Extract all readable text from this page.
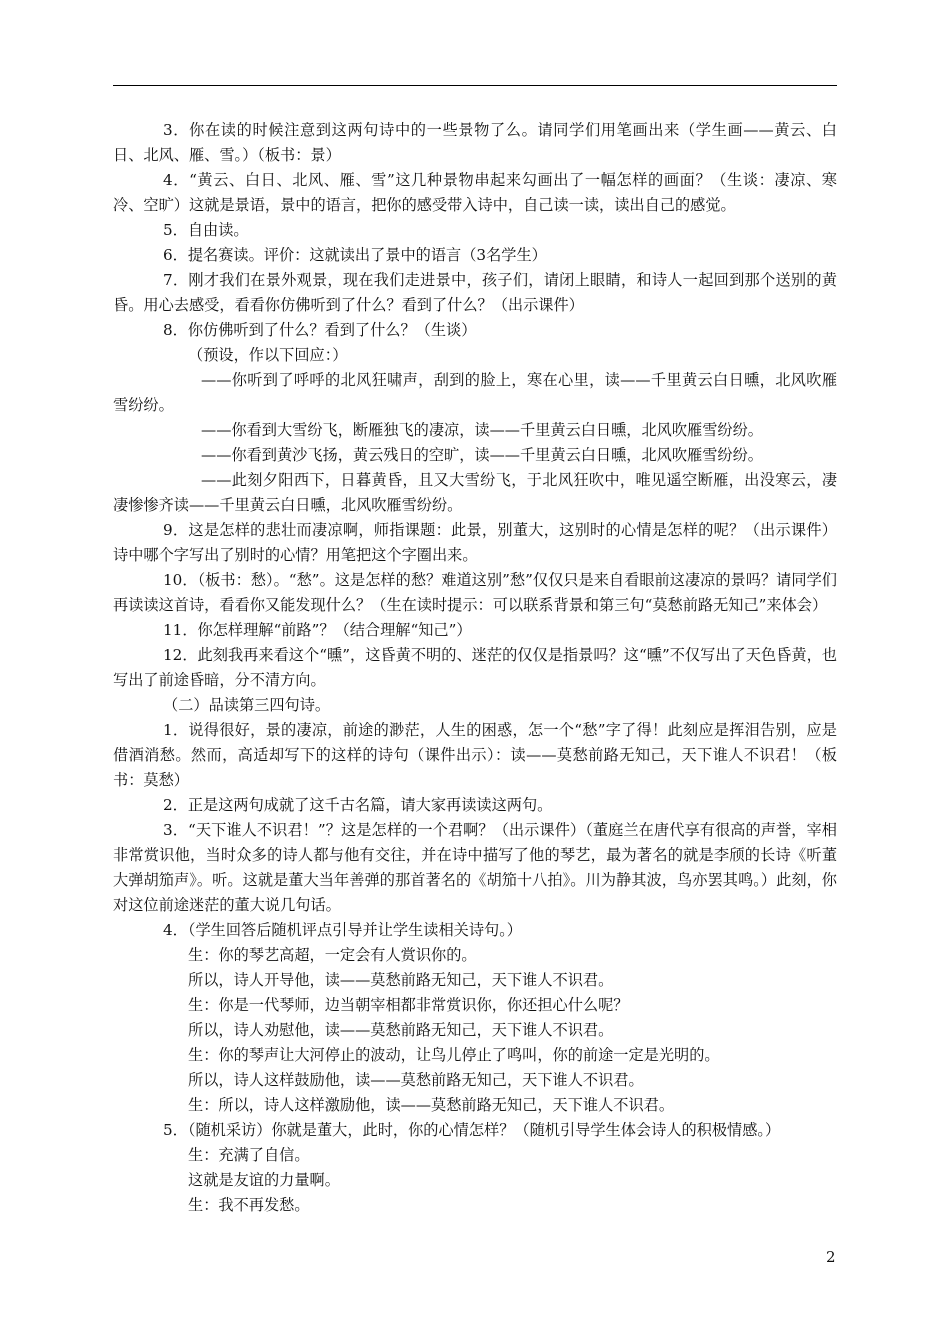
3．你在读的时候注意到这两句诗中的一些景物了么。请同学们用笔画出来（学生画——黄云、白日、北风、雁、雪。）（板书：景）

4．“黄云、白日、北风、雁、雪”这几种景物串起来勾画出了一幅怎样的画面？（生谈：凄凉、寒冷、空旷）这就是景语，景中的语言，把你的感受带入诗中，自己读一读，读出自己的感觉。

5．自由读。

6．提名赛读。评价：这就读出了景中的语言（3名学生）

7．刚才我们在景外观景，现在我们走进景中，孩子们，请闭上眼睛，和诗人一起回到那个送别的黄昏。用心去感受，看看你仿佛听到了什么？看到了什么？（出示课件）

8．你仿佛听到了什么？看到了什么？（生谈）

（预设，作以下回应：）

——你听到了呼呼的北风狂啸声，刮到的脸上，寒在心里，读——千里黄云白日曛，北风吹雁雪纷纷。

——你看到大雪纷飞，断雁独飞的凄凉，读——千里黄云白日曛，北风吹雁雪纷纷。

——你看到黄沙飞扬，黄云残日的空旷，读——千里黄云白日曛，北风吹雁雪纷纷。

——此刻夕阳西下，日暮黄昏，且又大雪纷飞，于北风狂吹中，唯见遥空断雁，出没寒云，凄凄惨惨齐读——千里黄云白日曛，北风吹雁雪纷纷。

9．这是怎样的悲壮而凄凉啊，师指课题：此景，别董大，这别时的心情是怎样的呢？（出示课件）诗中哪个字写出了别时的心情？用笔把这个字圈出来。

10．（板书：愁）。“愁”。这是怎样的愁？难道这别”愁”仅仅只是来自看眼前这凄凉的景吗？请同学们再读读这首诗，看看你又能发现什么？（生在读时提示：可以联系背景和第三句“莫愁前路无知己”来体会）

11．你怎样理解“前路”？（结合理解“知己”）

12．此刻我再来看这个“曛”，这昏黄不明的、迷茫的仅仅是指景吗？这“曛”不仅写出了天色昏黄，也写出了前途昏暗，分不清方向。

（二）品读第三四句诗。

1．说得很好，景的凄凉，前途的渺茫，人生的困惑，怎一个“愁”字了得！此刻应是挥泪告别，应是借酒消愁。然而，高适却写下的这样的诗句（课件出示）：读——莫愁前路无知己，天下谁人不识君！（板书：莫愁）

2．正是这两句成就了这千古名篇，请大家再读读这两句。

3．“天下谁人不识君！”？这是怎样的一个君啊？（出示课件）（董庭兰在唐代享有很高的声誉，宰相非常赏识他，当时众多的诗人都与他有交往，并在诗中描写了他的琴艺，最为著名的就是李颀的长诗《听董大弹胡笳声》。听。这就是董大当年善弹的那首著名的《胡笳十八拍》。川为静其波，鸟亦罢其鸣。）此刻，你对这位前途迷茫的董大说几句话。

4．（学生回答后随机评点引导并让学生读相关诗句。）

生：你的琴艺高超，一定会有人赏识你的。

所以，诗人开导他，读——莫愁前路无知己，天下谁人不识君。

生：你是一代琴师，边当朝宰相都非常赏识你，你还担心什么呢？

所以，诗人劝慰他，读——莫愁前路无知己，天下谁人不识君。

生：你的琴声让大河停止的波动，让鸟儿停止了鸣叫，你的前途一定是光明的。

所以，诗人这样鼓励他，读——莫愁前路无知己，天下谁人不识君。

生：所以，诗人这样激励他，读——莫愁前路无知己，天下谁人不识君。

5．（随机采访）你就是董大，此时，你的心情怎样？（随机引导学生体会诗人的积极情感。）

生：充满了自信。

这就是友谊的力量啊。

生：我不再发愁。

2
